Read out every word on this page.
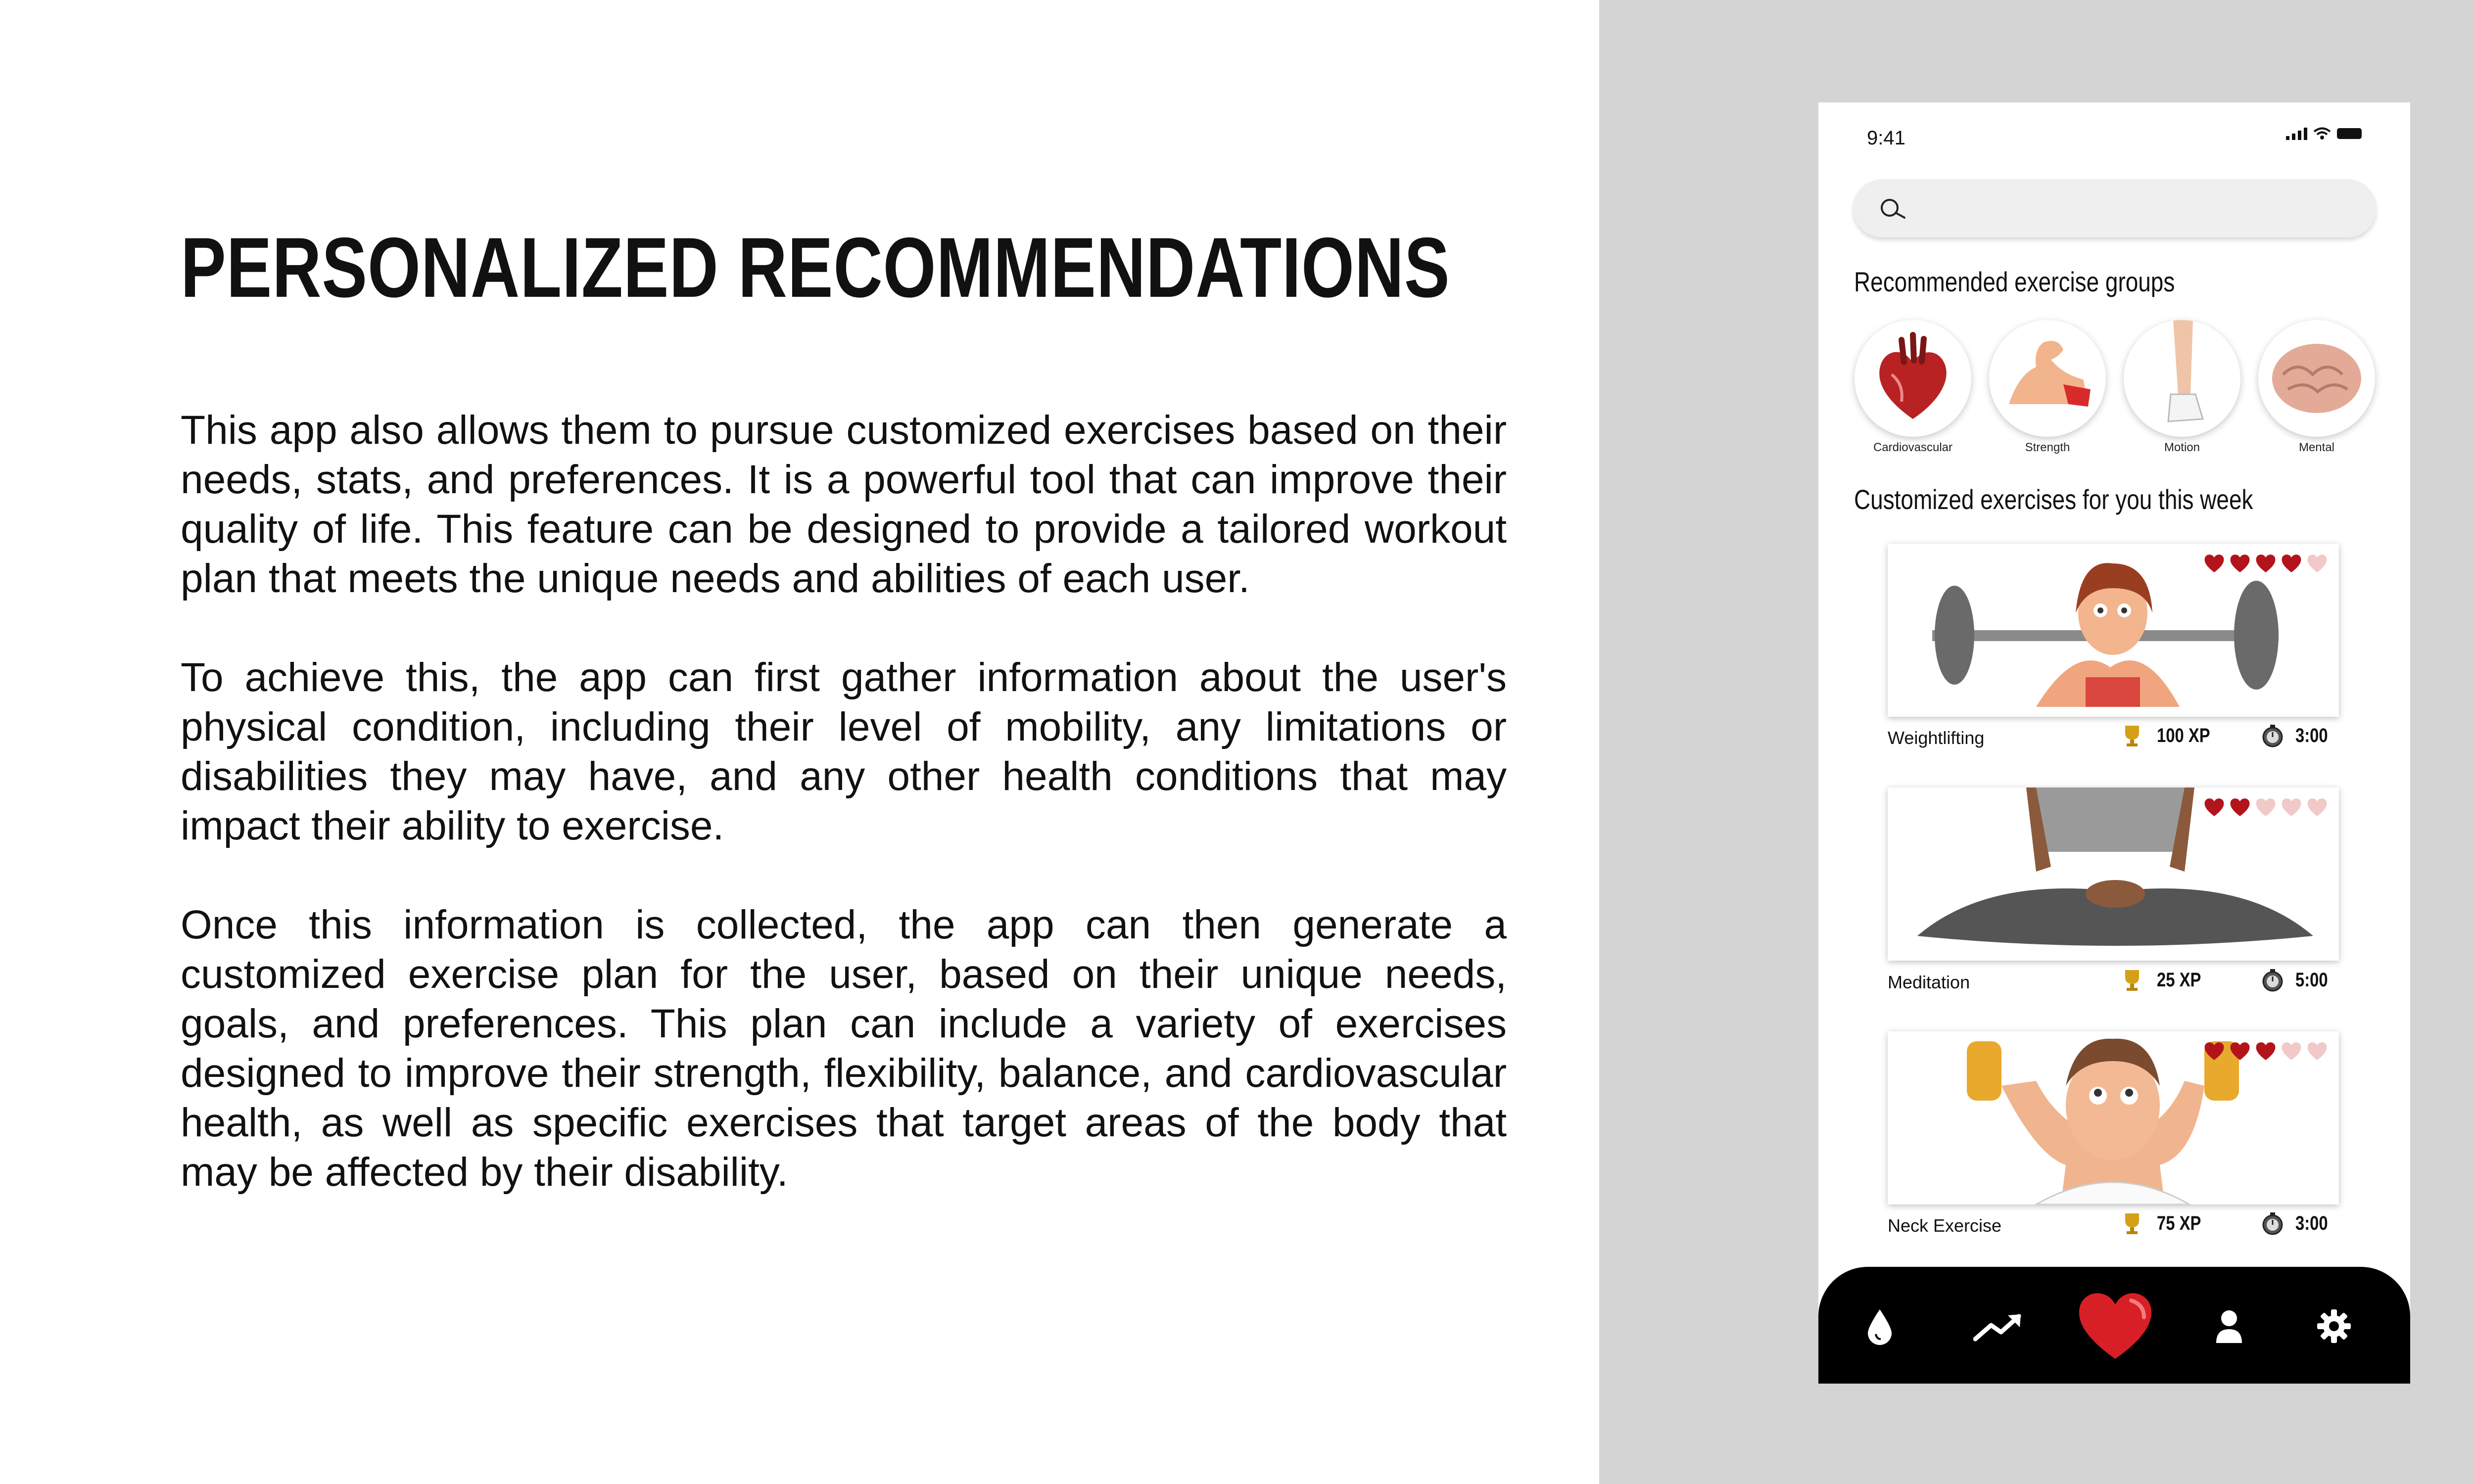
PERSONALIZED RECOMMENDATIONS

This app also allows them to pursue customized exercises based on their needs, stats, and preferences. It is a powerful tool that can improve their quality of life. This feature can be designed to provide a tailored workout plan that meets the unique needs and abilities of each user.

To achieve this, the app can first gather information about the user's physical condition, including their level of mobility, any limitations or disabilities they may have, and any other health conditions that may impact their ability to exercise.

Once this information is collected, the app can then generate a customized exercise plan for the user, based on their unique needs, goals, and preferences. This plan can include a variety of exercises designed to improve their strength, flexibility, balance, and cardiovascular health, as well as specific exercises that target areas of the body that may be affected by their disability.

9:41
Recommended exercise groups
Cardiovascular	Strength	Motion	Mental
Customized exercises for you this week
Weightlifting	100 XP	3:00
Meditation	25 XP	5:00
Neck Exercise	75 XP	3:00
